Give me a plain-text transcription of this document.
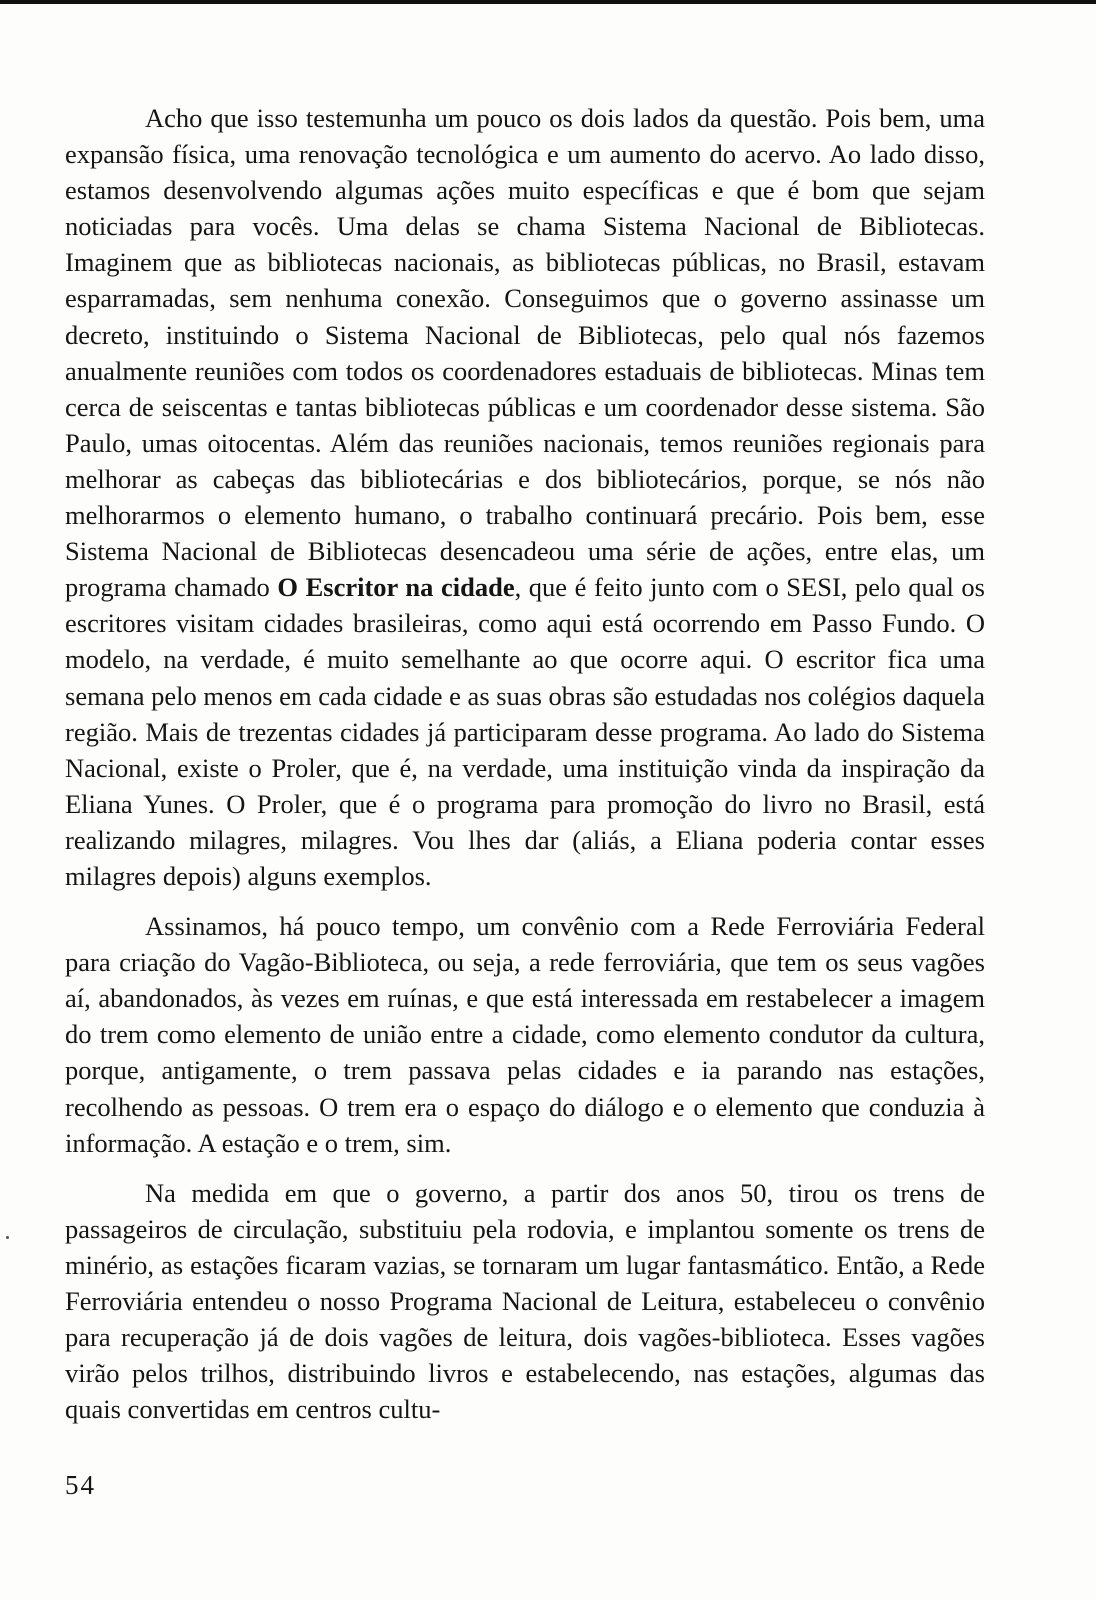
Acho que isso testemunha um pouco os dois lados da questão. Pois bem, uma expansão física, uma renovação tecnológica e um aumento do acervo. Ao lado disso, estamos desenvolvendo algumas ações muito específicas e que é bom que sejam noticiadas para vocês. Uma delas se chama Sistema Nacional de Bibliotecas. Imaginem que as bibliotecas nacionais, as bibliotecas públicas, no Brasil, estavam esparramadas, sem nenhuma conexão. Conseguimos que o governo assinasse um decreto, instituindo o Sistema Nacional de Bibliotecas, pelo qual nós fazemos anualmente reuniões com todos os coordenadores estaduais de bibliotecas. Minas tem cerca de seiscentas e tantas bibliotecas públicas e um coordenador desse sistema. São Paulo, umas oitocentas. Além das reuniões nacionais, temos reuniões regionais para melhorar as cabeças das bibliotecárias e dos bibliotecários, porque, se nós não melhorarmos o elemento humano, o trabalho continuará precário. Pois bem, esse Sistema Nacional de Bibliotecas desencadeou uma série de ações, entre elas, um programa chamado O Escritor na cidade, que é feito junto com o SESI, pelo qual os escritores visitam cidades brasileiras, como aqui está ocorrendo em Passo Fundo. O modelo, na verdade, é muito semelhante ao que ocorre aqui. O escritor fica uma semana pelo menos em cada cidade e as suas obras são estudadas nos colégios daquela região. Mais de trezentas cidades já participaram desse programa. Ao lado do Sistema Nacional, existe o Proler, que é, na verdade, uma instituição vinda da inspiração da Eliana Yunes. O Proler, que é o programa para promoção do livro no Brasil, está realizando milagres, milagres. Vou lhes dar (aliás, a Eliana poderia contar esses milagres depois) alguns exemplos.

Assinamos, há pouco tempo, um convênio com a Rede Ferroviária Federal para criação do Vagão-Biblioteca, ou seja, a rede ferroviária, que tem os seus vagões aí, abandonados, às vezes em ruínas, e que está interessada em restabelecer a imagem do trem como elemento de união entre a cidade, como elemento condutor da cultura, porque, antigamente, o trem passava pelas cidades e ia parando nas estações, recolhendo as pessoas. O trem era o espaço do diálogo e o elemento que conduzia à informação. A estação e o trem, sim.

Na medida em que o governo, a partir dos anos 50, tirou os trens de passageiros de circulação, substituiu pela rodovia, e implantou somente os trens de minério, as estações ficaram vazias, se tornaram um lugar fantasmático. Então, a Rede Ferroviária entendeu o nosso Programa Nacional de Leitura, estabeleceu o convênio para recuperação já de dois vagões de leitura, dois vagões-biblioteca. Esses vagões virão pelos trilhos, distribuindo livros e estabelecendo, nas estações, algumas das quais convertidas em centros cultu-

54
